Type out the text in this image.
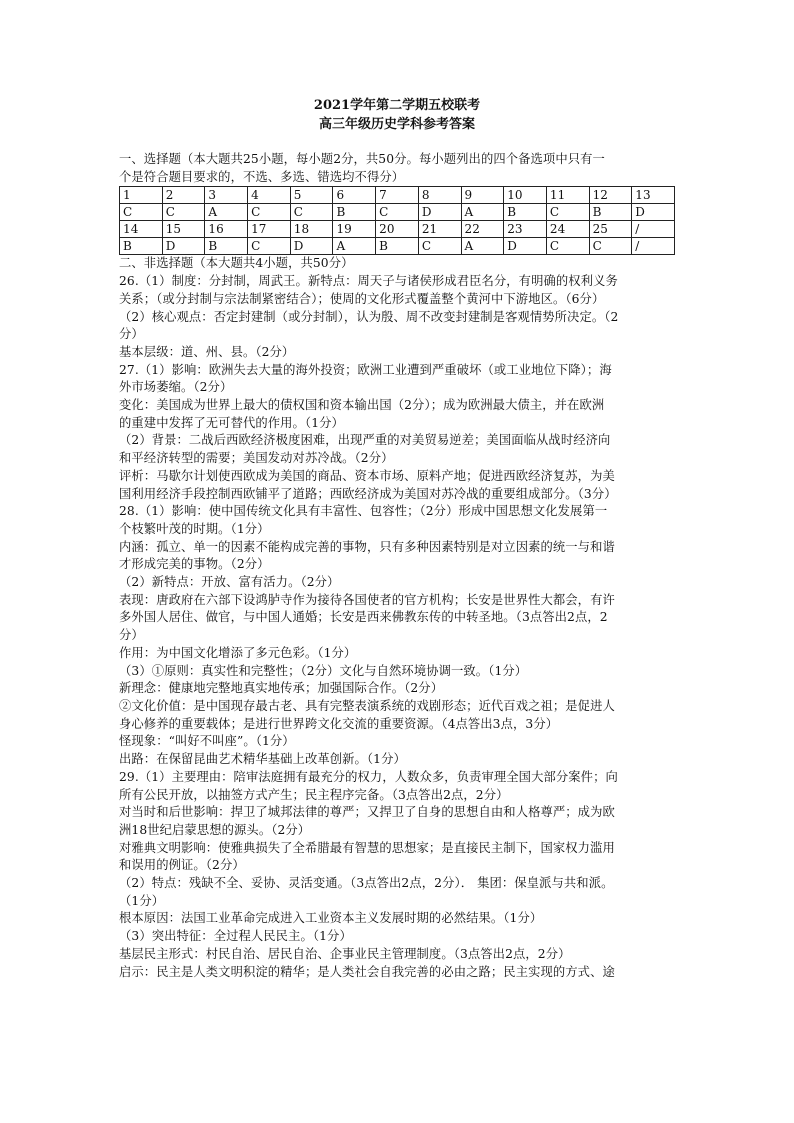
2021学年第二学期五校联考
高三年级历史学科参考答案

一、选择题（本大题共25小题，每小题2分，共50分。每小题列出的四个备选项中只有一

个是符合题目要求的，不选、多选、错选均不得分）

1	2	3	4	5	6	7	8	9	10	11	12	13
C	C	A	C	C	B	C	D	A	B	C	B	D
14	15	16	17	18	19	20	21	22	23	24	25	/
B	D	B	C	D	A	B	C	A	D	C	C	/

二、非选择题（本大题共4小题，共50分）

26.（1）制度：分封制，周武王。新特点：周天子与诸侯形成君臣名分，有明确的权利义务

关系；（或分封制与宗法制紧密结合）；使周的文化形式覆盖整个黄河中下游地区。（6分）

（2）核心观点：否定封建制（或分封制），认为殷、周不改变封建制是客观情势所决定。（2

分）

基本层级：道、州、县。（2分）

27.（1）影响：欧洲失去大量的海外投资；欧洲工业遭到严重破坏（或工业地位下降）；海

外市场萎缩。（2分）

变化：美国成为世界上最大的债权国和资本输出国（2分）；成为欧洲最大债主，并在欧洲

的重建中发挥了无可替代的作用。（1分）

（2）背景：二战后西欧经济极度困难，出现严重的对美贸易逆差；美国面临从战时经济向

和平经济转型的需要；美国发动对苏冷战。（2分）

评析：马歇尔计划使西欧成为美国的商品、资本市场、原料产地；促进西欧经济复苏，为美

国利用经济手段控制西欧铺平了道路；西欧经济成为美国对苏冷战的重要组成部分。（3分）

28.（1）影响：使中国传统文化具有丰富性、包容性；（2分）形成中国思想文化发展第一

个枝繁叶茂的时期。（1分）

内涵：孤立、单一的因素不能构成完善的事物，只有多种因素特别是对立因素的统一与和谐

才形成完美的事物。（2分）

（2）新特点：开放、富有活力。（2分）

表现：唐政府在六部下设鸿胪寺作为接待各国使者的官方机构；长安是世界性大都会，有许

多外国人居住、做官，与中国人通婚；长安是西来佛教东传的中转圣地。（3点答出2点，2

分）

作用：为中国文化增添了多元色彩。（1分）

（3）①原则：真实性和完整性；（2分）文化与自然环境协调一致。（1分）

新理念：健康地完整地真实地传承；加强国际合作。（2分）

②文化价值：是中国现存最古老、具有完整表演系统的戏剧形态；近代百戏之祖；是促进人

身心修养的重要载体；是进行世界跨文化交流的重要资源。（4点答出3点，3分）

怪现象：“叫好不叫座”。（1分）

出路：在保留昆曲艺术精华基础上改革创新。（1分）

29.（1）主要理由：陪审法庭拥有最充分的权力，人数众多，负责审理全国大部分案件；向

所有公民开放，以抽签方式产生；民主程序完备。（3点答出2点，2分）

对当时和后世影响：捍卫了城邦法律的尊严；又捍卫了自身的思想自由和人格尊严；成为欧

洲18世纪启蒙思想的源头。（2分）

对雅典文明影响：使雅典损失了全希腊最有智慧的思想家；是直接民主制下，国家权力滥用

和误用的例证。（2分）

（2）特点：残缺不全、妥协、灵活变通。（3点答出2点，2分）． 集团：保皇派与共和派。

（1分）

根本原因：法国工业革命完成进入工业资本主义发展时期的必然结果。（1分）

（3）突出特征：全过程人民民主。（1分）

基层民主形式：村民自治、居民自治、企事业民主管理制度。（3点答出2点，2分）

启示：民主是人类文明积淀的精华；是人类社会自我完善的必由之路；民主实现的方式、途
